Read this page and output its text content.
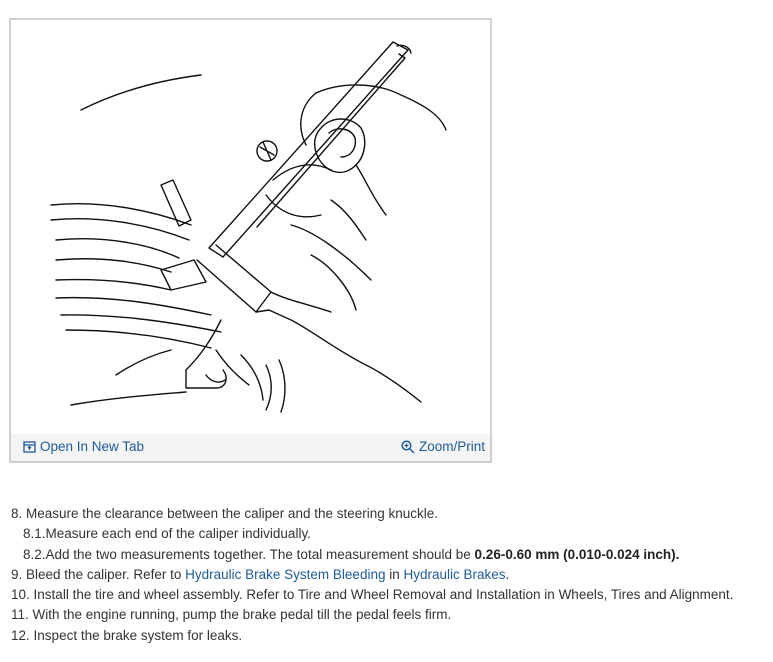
Open In New Tab	Zoom/Print
8. Measure the clearance between the caliper and the steering knuckle.
8.1.Measure each end of the caliper individually.
8.2.Add the two measurements together. The total measurement should be 0.26-0.60 mm (0.010-0.024 inch).
9. Bleed the caliper. Refer to Hydraulic Brake System Bleeding in Hydraulic Brakes.
10. Install the tire and wheel assembly. Refer to Tire and Wheel Removal and Installation in Wheels, Tires and Alignment.
11. With the engine running, pump the brake pedal till the pedal feels firm.
12. Inspect the brake system for leaks.
